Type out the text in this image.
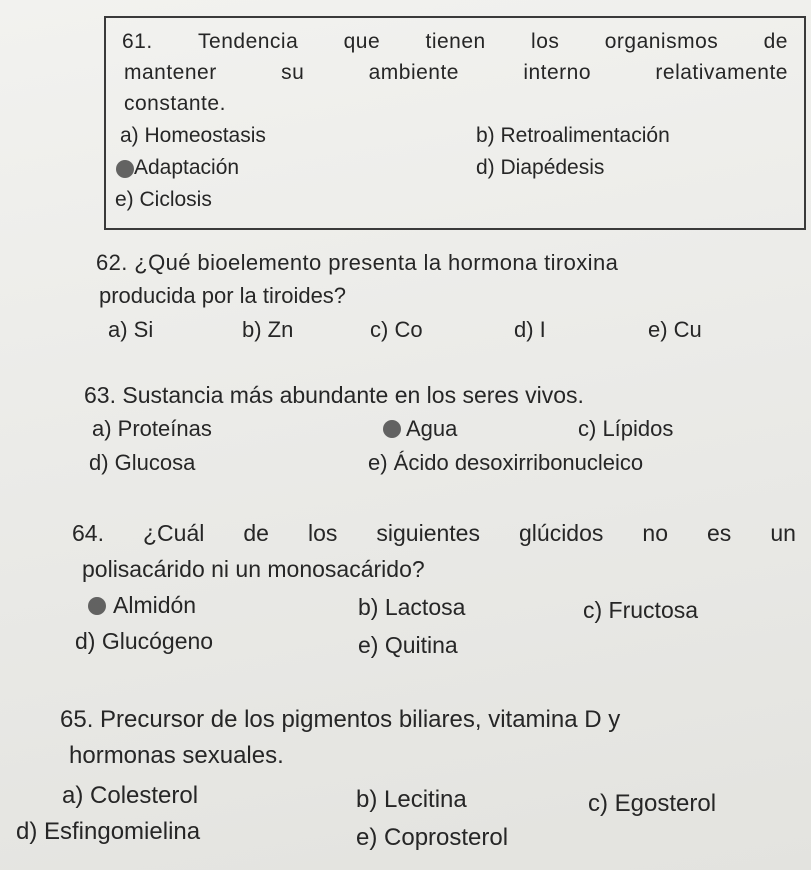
61. Tendencia que tienen los organismos de
mantener	su	ambiente	interno	relativamente
constante.
a) Homeostasis	b) Retroalimentación
Adaptación	d) Diapédesis
e) Ciclosis
62. ¿Qué bioelemento presenta la hormona tiroxina
producida por la tiroides?
a) Si	b) Zn	c) Co	d) I	e) Cu
63. Sustancia más abundante en los seres vivos.
a) Proteínas	Agua	c) Lípidos
d) Glucosa	e) Ácido desoxirribonucleico
64. ¿Cuál de los siguientes glúcidos no es un
polisacárido ni un monosacárido?
Almidón	b) Lactosa	c) Fructosa
d) Glucógeno	e) Quitina
65. Precursor de los pigmentos biliares, vitamina D y
hormonas sexuales.
a) Colesterol	b) Lecitina	c) Egosterol
d) Esfingomielina	e) Coprosterol
